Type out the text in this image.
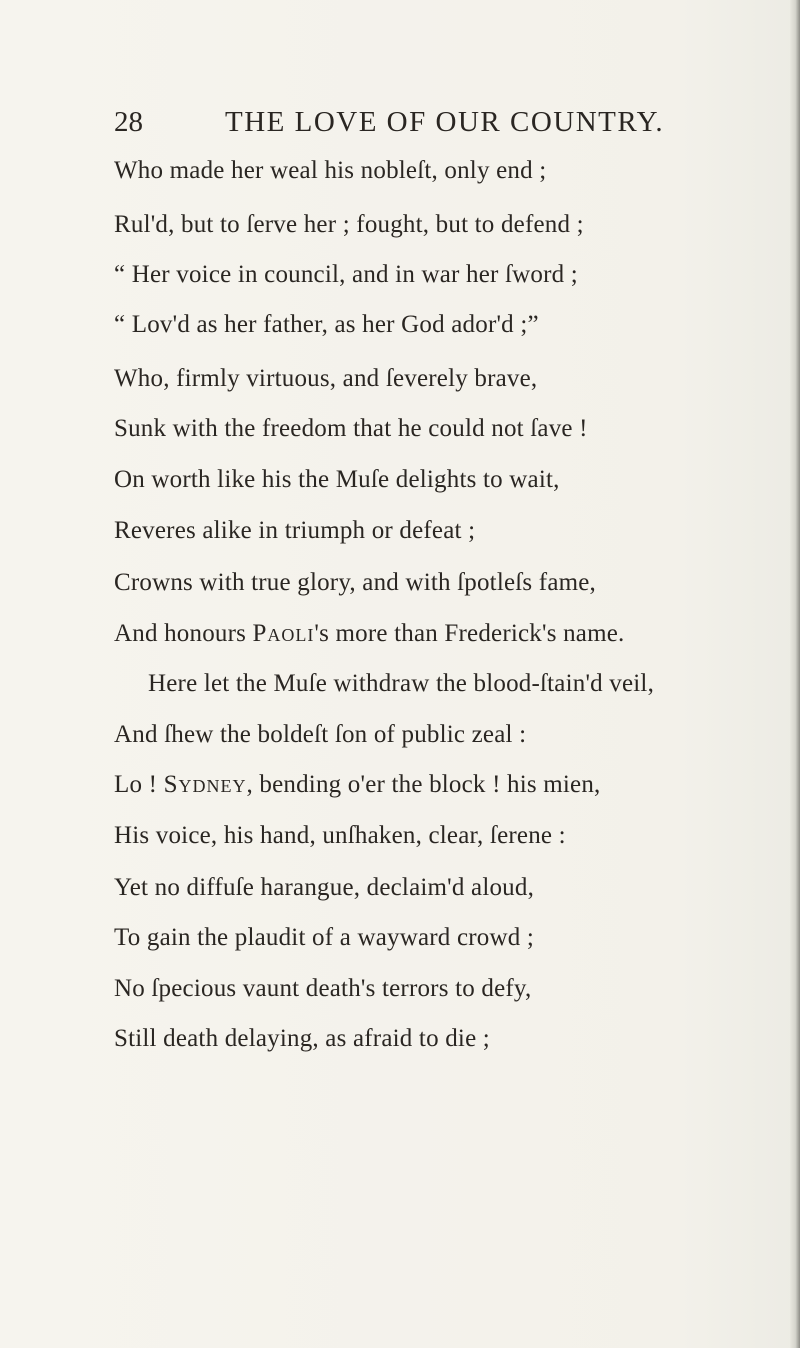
28	THE LOVE OF OUR COUNTRY.
Who made her weal his nobleſt, only end ;
Rul'd, but to ſerve her ; fought, but to defend ;
“ Her voice in council, and in war her ſword ;
“ Lov'd as her father, as her God ador'd ;”
Who, firmly virtuous, and ſeverely brave,
Sunk with the freedom that he could not ſave !
On worth like his the Muſe delights to wait,
Reveres alike in triumph or defeat ;
Crowns with true glory, and with ſpotleſs fame,
And honours Paoli's more than Frederick's name.
Here let the Muſe withdraw the blood-ſtain'd veil,
And ſhew the boldeſt ſon of public zeal :
Lo ! Sydney, bending o'er the block ! his mien,
His voice, his hand, unſhaken, clear, ſerene :
Yet no diffuſe harangue, declaim'd aloud,
To gain the plaudit of a wayward crowd ;
No ſpecious vaunt death's terrors to defy,
Still death delaying, as afraid to die ;
